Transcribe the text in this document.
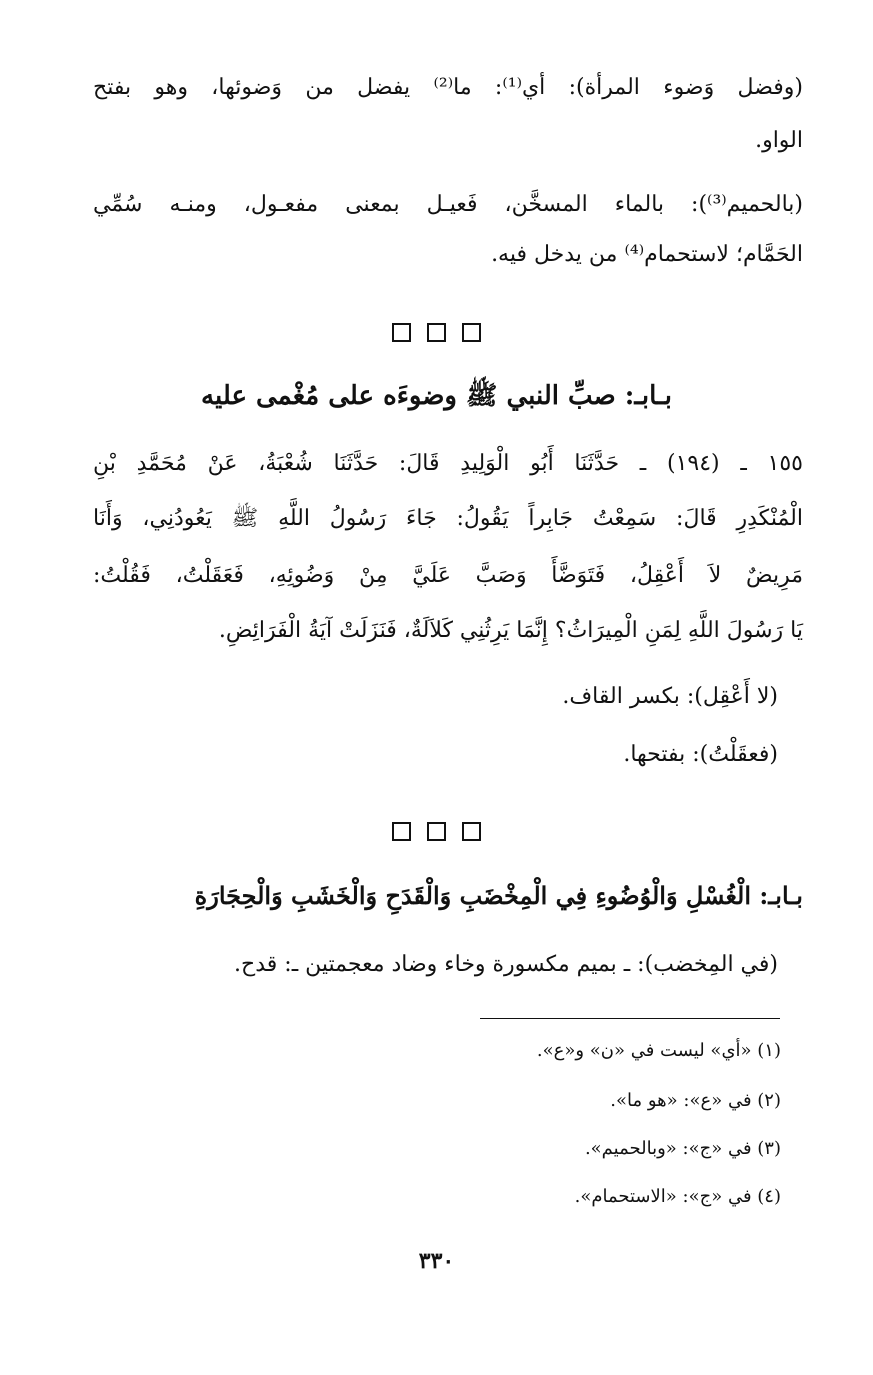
(وفضل وَضوء المرأة): أي⁽¹⁾: ما⁽²⁾ يفضل من وَضوئها، وهو بفتح
الواو.
(بالحميم⁽³⁾): بالماء المسخَّن، فَعيـل بمعنى مفعـول، ومنـه سُمِّي
الحَمَّام؛ لاستحمام⁽⁴⁾ من يدخل فيه.
بـابـ: صبِّ النبي ﷺ وضوءَه على مُغْمى عليه
١٥٥ ـ (١٩٤) ـ حَدَّثَنَا أَبُو الْوَلِيدِ قَالَ: حَدَّثَنَا شُعْبَةُ، عَنْ مُحَمَّدِ بْنِ
الْمُنْكَدِرِ قَالَ: سَمِعْتُ جَابِراً يَقُولُ: جَاءَ رَسُولُ اللَّهِ ﷺ يَعُودُنِي، وَأَنَا
مَرِيضٌ لاَ أَعْقِلُ، فَتَوَضَّأَ وَصَبَّ عَلَيَّ مِنْ وَضُوئِهِ، فَعَقَلْتُ، فَقُلْتُ:
يَا رَسُولَ اللَّهِ لِمَنِ الْمِيرَاثُ؟ إِنَّمَا يَرِثُنِي كَلاَلَةٌ، فَنَزَلَتْ آيَةُ الْفَرَائِضِ.
(لا أَعْقِل): بكسر القاف.
(فعقَلْتُ): بفتحها.
بـابـ: الْغُسْلِ وَالْوُضُوءِ فِي الْمِخْضَبِ وَالْقَدَحِ وَالْخَشَبِ وَالْحِجَارَةِ
(في المِخضب): ـ بميم مكسورة وخاء وضاد معجمتين ـ: قدح.
(١) «أي» ليست في «ن» و«ع».
(٢) في «ع»: «هو ما».
(٣) في «ج»: «وبالحميم».
(٤) في «ج»: «الاستحمام».
٣٣٠
